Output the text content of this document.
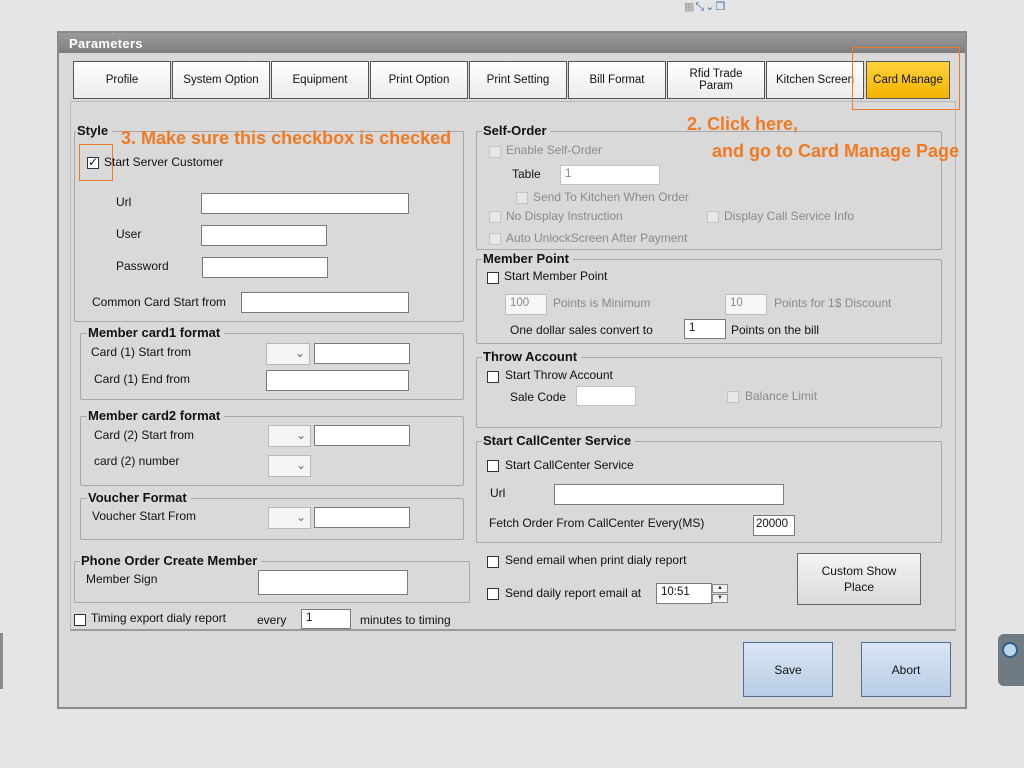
▦⤡⌄❐
Parameters
Profile	System Option	Equipment	Print Option	Print Setting	Bill Format	Rfid Trade Param	Kitchen Screen	Card Manage
Style
✓
Start Server Customer
Url
User
Password
Common Card Start from
Member card1 format
Card (1) Start from	⌄
Card (1) End from
Member card2 format
Card (2) Start from	⌄
card (2) number	⌄
Voucher Format
Voucher Start From	⌄
Phone Order Create Member
Member Sign
Timing export dialy report	every	1	minutes to timing
Self-Order
Enable Self-Order
Table	1
Send To Kitchen When Order
No Display Instruction	Display Call Service Info
Auto UnlockScreen After Payment
Member Point
Start Member Point
100	Points is Minimum	10	Points for 1$ Discount
One dollar sales convert to	1	Points on the bill
Throw Account
Start Throw Account
Sale Code	Balance Limit
Start CallCenter Service
Start CallCenter Service
Url
Fetch Order From CallCenter Every(MS)	20000
Send email when print dialy report
Send daily report email at	10:51	▲
▼
Custom Show Place
Save	Abort
3. Make sure this checkbox is checked
2. Click here,
and go to Card Manage Page
